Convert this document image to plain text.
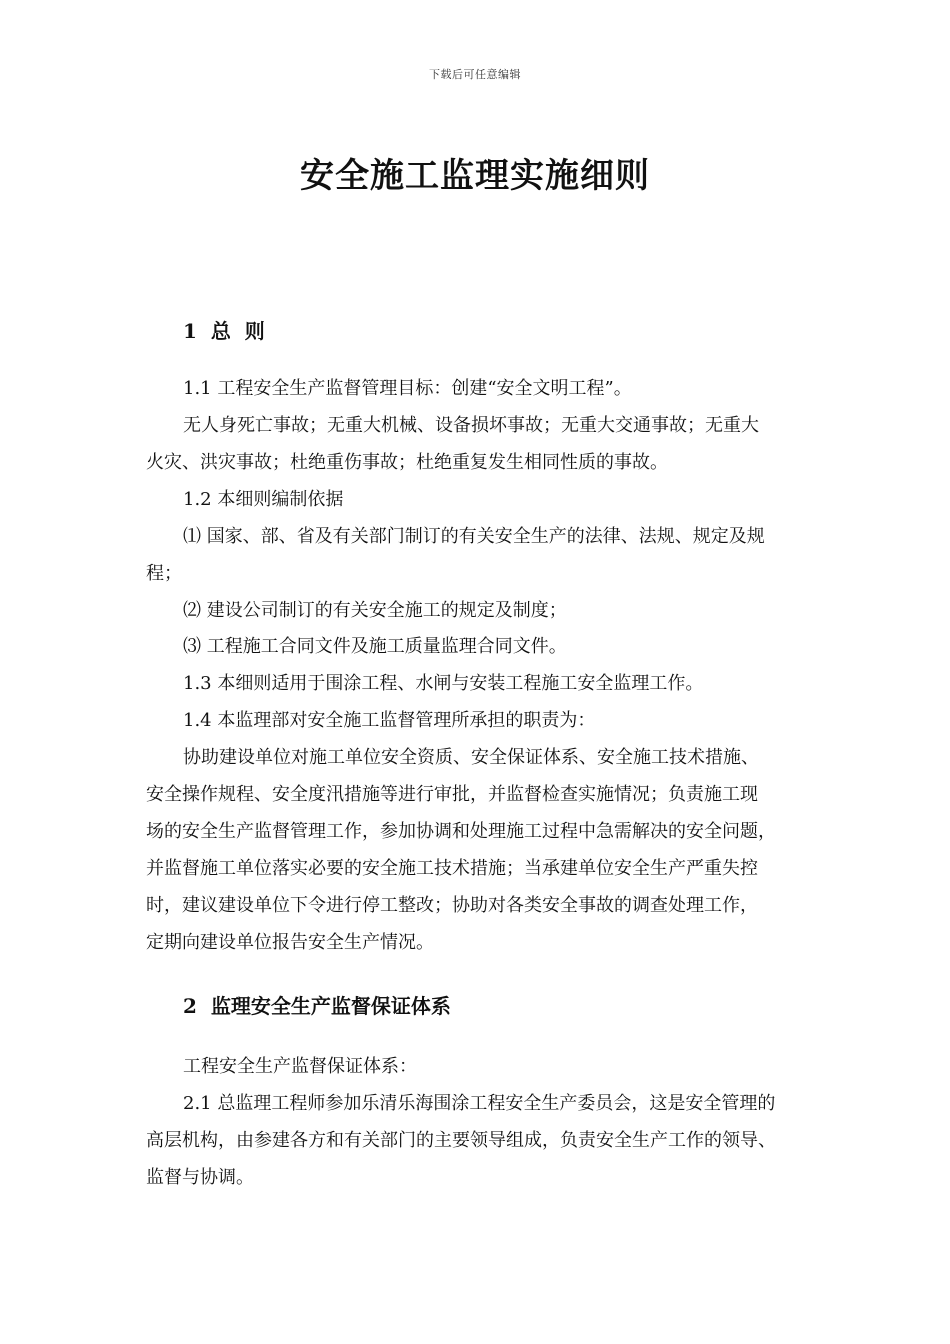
下载后可任意编辑
安全施工监理实施细则
1  总  则

1.1 工程安全生产监督管理目标：创建“安全文明工程”。

无人身死亡事故；无重大机械、设备损坏事故；无重大交通事故；无重大

火灾、洪灾事故；杜绝重伤事故；杜绝重复发生相同性质的事故。

1.2 本细则编制依据

⑴ 国家、部、省及有关部门制订的有关安全生产的法律、法规、规定及规

程；

⑵ 建设公司制订的有关安全施工的规定及制度；

⑶ 工程施工合同文件及施工质量监理合同文件。

1.3 本细则适用于围涂工程、水闸与安装工程施工安全监理工作。

1.4 本监理部对安全施工监督管理所承担的职责为：

协助建设单位对施工单位安全资质、安全保证体系、安全施工技术措施、

安全操作规程、安全度汛措施等进行审批，并监督检查实施情况；负责施工现

场的安全生产监督管理工作，参加协调和处理施工过程中急需解决的安全问题，

并监督施工单位落实必要的安全施工技术措施；当承建单位安全生产严重失控

时，建议建设单位下令进行停工整改；协助对各类安全事故的调查处理工作，

定期向建设单位报告安全生产情况。

2  监理安全生产监督保证体系

工程安全生产监督保证体系：

2.1 总监理工程师参加乐清乐海围涂工程安全生产委员会，这是安全管理的

高层机构，由参建各方和有关部门的主要领导组成，负责安全生产工作的领导、

监督与协调。
